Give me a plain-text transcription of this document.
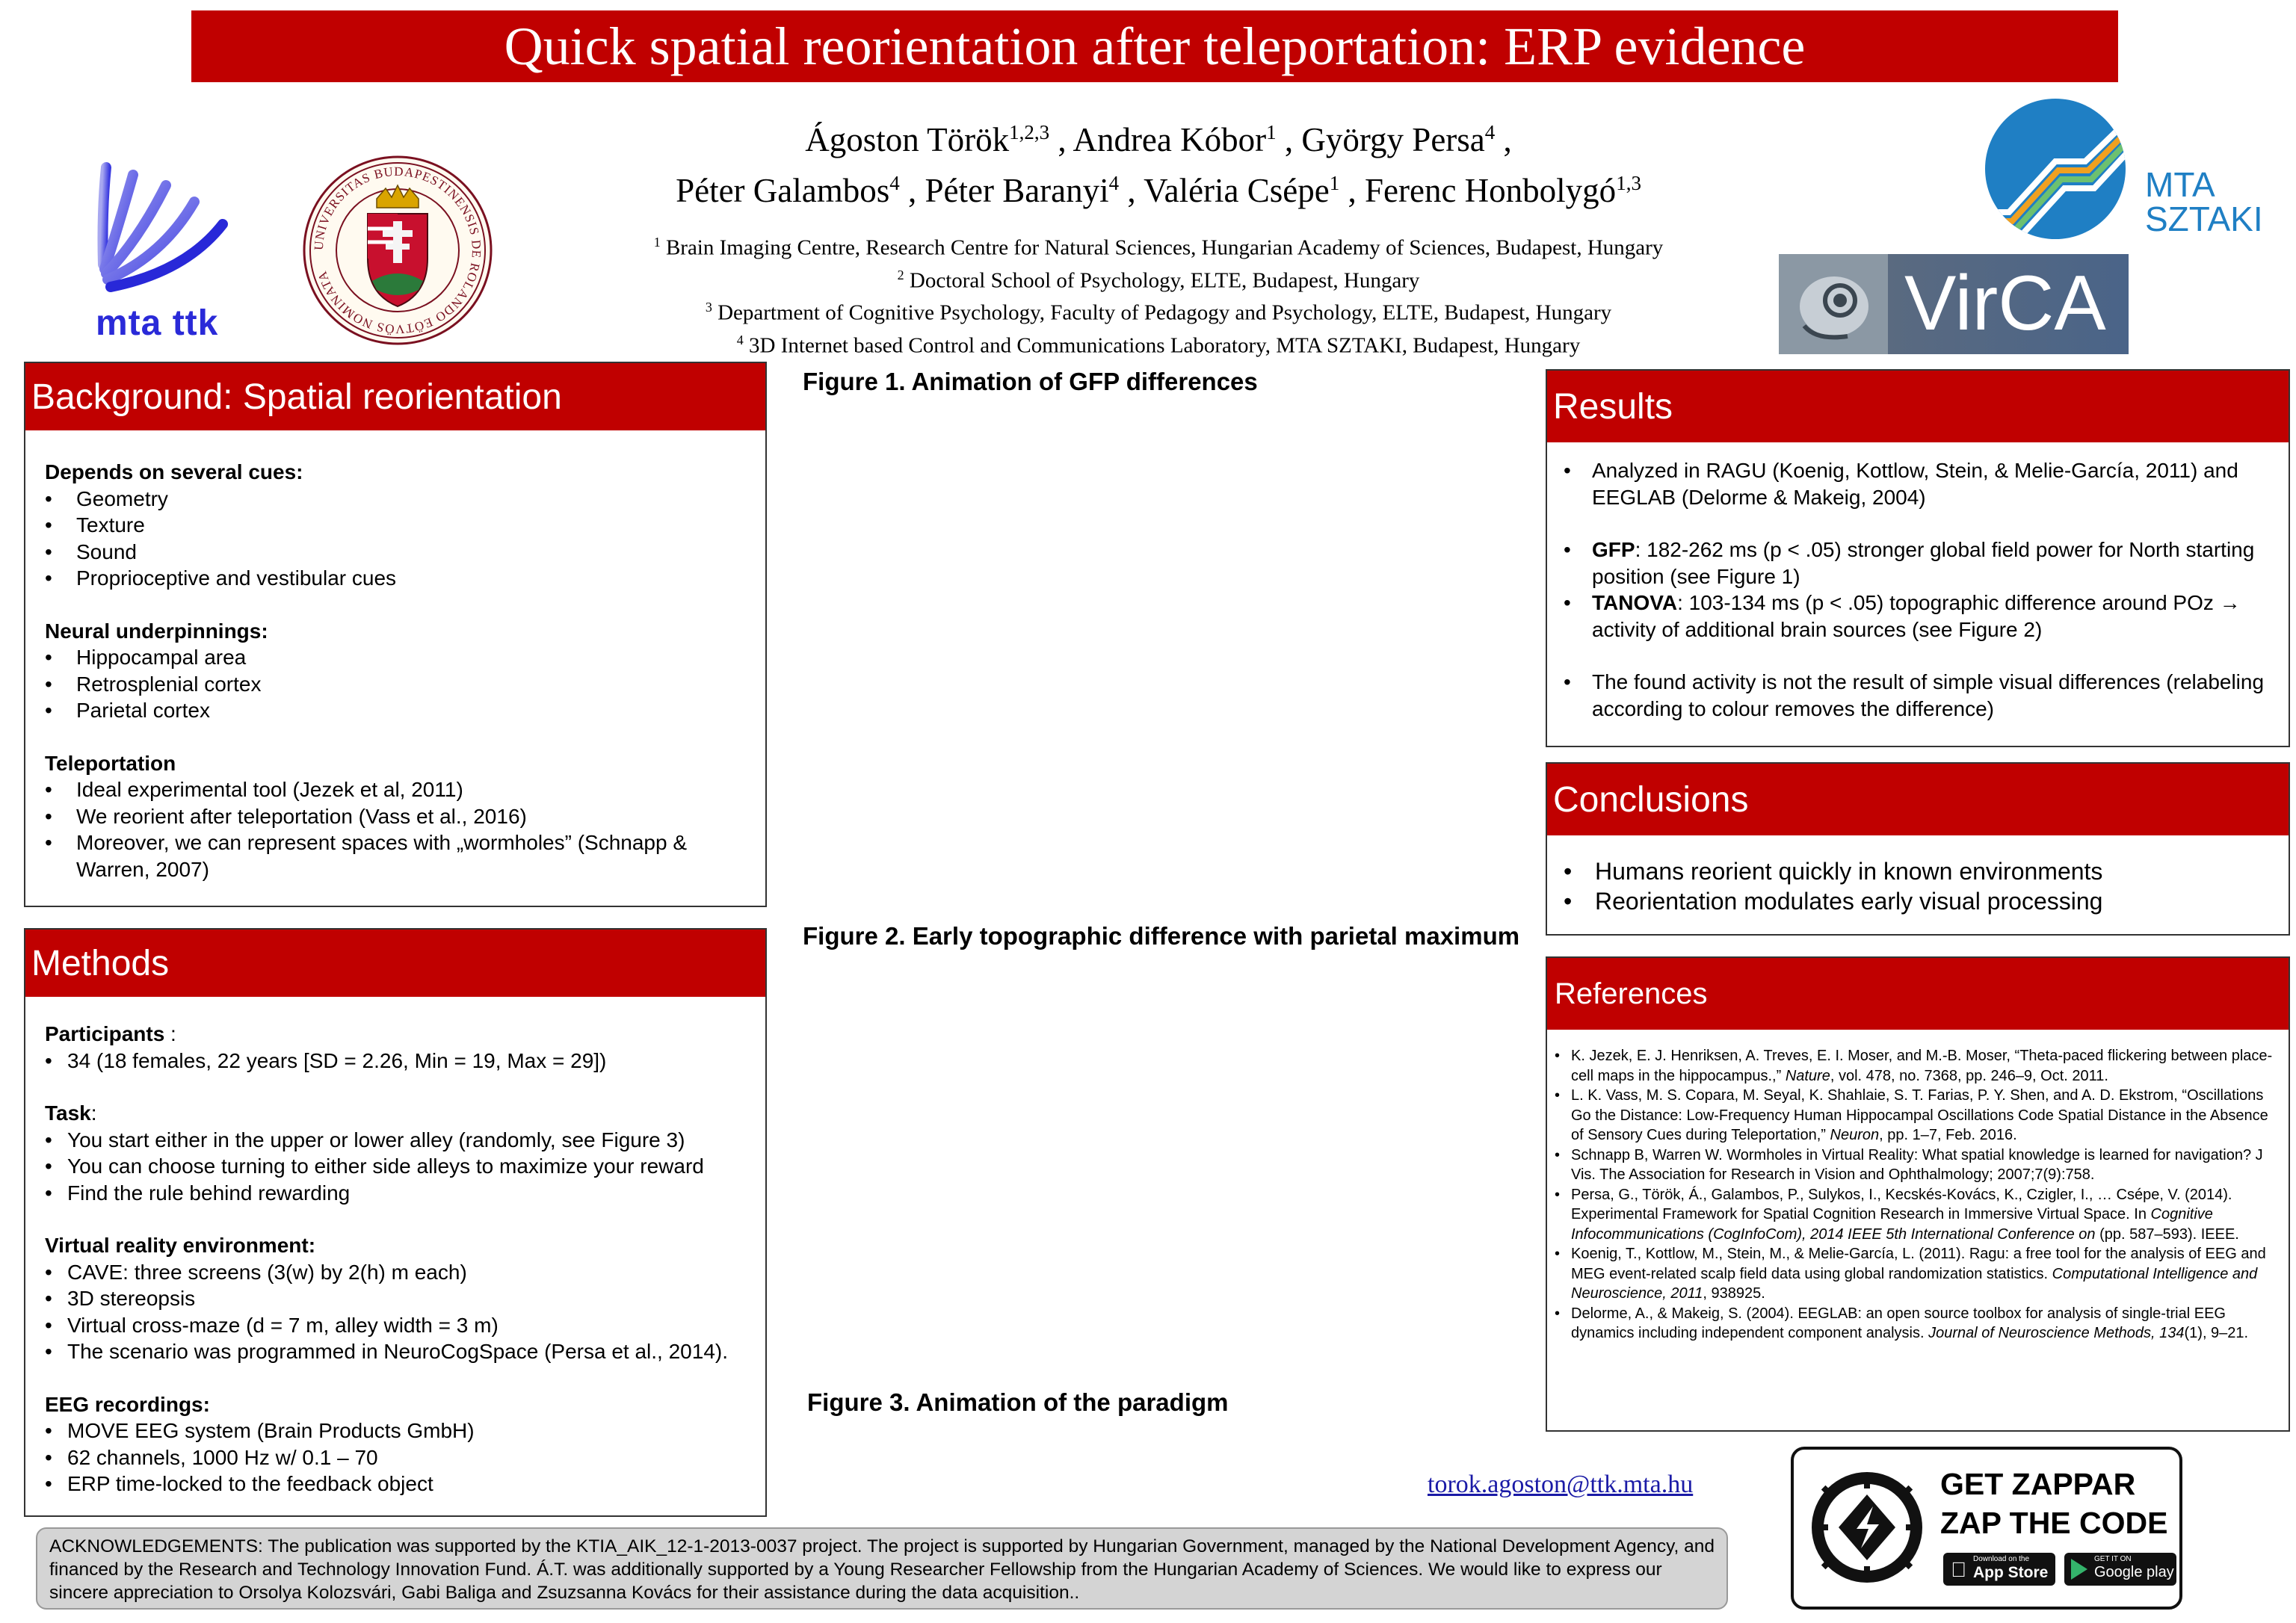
Quick spatial reorientation after teleportation: ERP evidence
Ágoston Török$^{1,2,3}$ , Andrea Kóbor$^1$ , György Persa$^4$ ,
Péter Galambos$^4$ , Péter Baranyi$^4$ , Valéria Csépe$^1$ , Ferenc Honbolygó$^{1,3}$
$^1$ Brain Imaging Centre, Research Centre for Natural Sciences, Hungarian Academy of Sciences, Budapest, Hungary
$^2$ Doctoral School of Psychology, ELTE, Budapest, Hungary
$^3$ Department of Cognitive Psychology, Faculty of Pedagogy and Psychology, ELTE, Budapest, Hungary
$^4$ 3D Internet based Control and Communications Laboratory, MTA SZTAKI, Budapest, Hungary
mta ttk
UNIVERSITAS BUDAPESTINENSIS DE ROLANDO EÖTVÖS NOMINATA
MTA
SZTAKI
VirCA
Background: Spatial reorientation
Depends on several cues:
•	Geometry
•	Texture
•	Sound
•	Proprioceptive and vestibular cues
Neural underpinnings:
•	Hippocampal area
•	Retrosplenial cortex
•	Parietal cortex
Teleportation
•	Ideal experimental tool (Jezek et al, 2011)
•	We reorient after teleportation (Vass et al., 2016)
•	Moreover, we can represent spaces with „wormholes” (Schnapp & Warren, 2007)
Methods
Participants :
• 34 (18 females, 22 years [SD = 2.26, Min = 19, Max = 29])
Task:
• You start either in the upper or lower alley (randomly, see Figure 3)
• You can choose turning to either side alleys to maximize your reward
• Find the rule behind rewarding
Virtual reality environment:
• CAVE: three screens (3(w) by 2(h) m each)
• 3D stereopsis
• Virtual cross-maze (d = 7 m, alley width = 3 m)
• The scenario was programmed in NeuroCogSpace (Persa et al., 2014).
EEG recordings:
• MOVE EEG system (Brain Products GmbH)
• 62 channels, 1000 Hz w/ 0.1 – 70
• ERP time-locked to the feedback object
Figure 1. Animation of GFP differences
Figure 2. Early topographic difference with parietal maximum
Figure 3. Animation of the paradigm
Results
•	Analyzed in RAGU (Koenig, Kottlow, Stein, & Melie-García, 2011) and EEGLAB (Delorme & Makeig, 2004)
•	GFP: 182-262 ms (p < .05) stronger global field power for North starting position (see Figure 1)
•	TANOVA: 103-134 ms (p < .05) topographic difference around POz → activity of additional brain sources (see Figure 2)
•	The found activity is not the result of simple visual differences (relabeling according to colour removes the difference)
Conclusions
• Humans reorient quickly in known environments
• Reorientation modulates early visual processing
References
• K. Jezek, E. J. Henriksen, A. Treves, E. I. Moser, and M.-B. Moser, “Theta-paced flickering between place-cell maps in the hippocampus.,” Nature, vol. 478, no. 7368, pp. 246–9, Oct. 2011.
• L. K. Vass, M. S. Copara, M. Seyal, K. Shahlaie, S. T. Farias, P. Y. Shen, and A. D. Ekstrom, “Oscillations Go the Distance: Low-Frequency Human Hippocampal Oscillations Code Spatial Distance in the Absence of Sensory Cues during Teleportation,” Neuron, pp. 1–7, Feb. 2016.
• Schnapp B, Warren W. Wormholes in Virtual Reality: What spatial knowledge is learned for navigation? J Vis. The Association for Research in Vision and Ophthalmology; 2007;7(9):758.
• Persa, G., Török, Á., Galambos, P., Sulykos, I., Kecskés-Kovács, K., Czigler, I., … Csépe, V. (2014). Experimental Framework for Spatial Cognition Research in Immersive Virtual Space. In Cognitive Infocommunications (CogInfoCom), 2014 IEEE 5th International Conference on (pp. 587–593). IEEE.
• Koenig, T., Kottlow, M., Stein, M., & Melie-García, L. (2011). Ragu: a free tool for the analysis of EEG and MEG event-related scalp field data using global randomization statistics. Computational Intelligence and Neuroscience, 2011, 938925.
• Delorme, A., & Makeig, S. (2004). EEGLAB: an open source toolbox for analysis of single-trial EEG dynamics including independent component analysis. Journal of Neuroscience Methods, 134(1), 9–21.
torok.agoston@ttk.mta.hu
ACKNOWLEDGEMENTS: The publication was supported by the KTIA_AIK_12-1-2013-0037 project. The project is supported by Hungarian Government, managed by the National Development Agency, and financed by the Research and Technology Innovation Fund. Á.T. was additionally supported by a Young Researcher Fellowship from the Hungarian Academy of Sciences. We would like to express our sincere appreciation to Orsolya Kolozsvári, Gabi Baliga and Zsuzsanna Kovács for their assistance during the data acquisition..
GET ZAPPAR
ZAP THE CODE
Download on the
App Store
GET IT ON
Google play
